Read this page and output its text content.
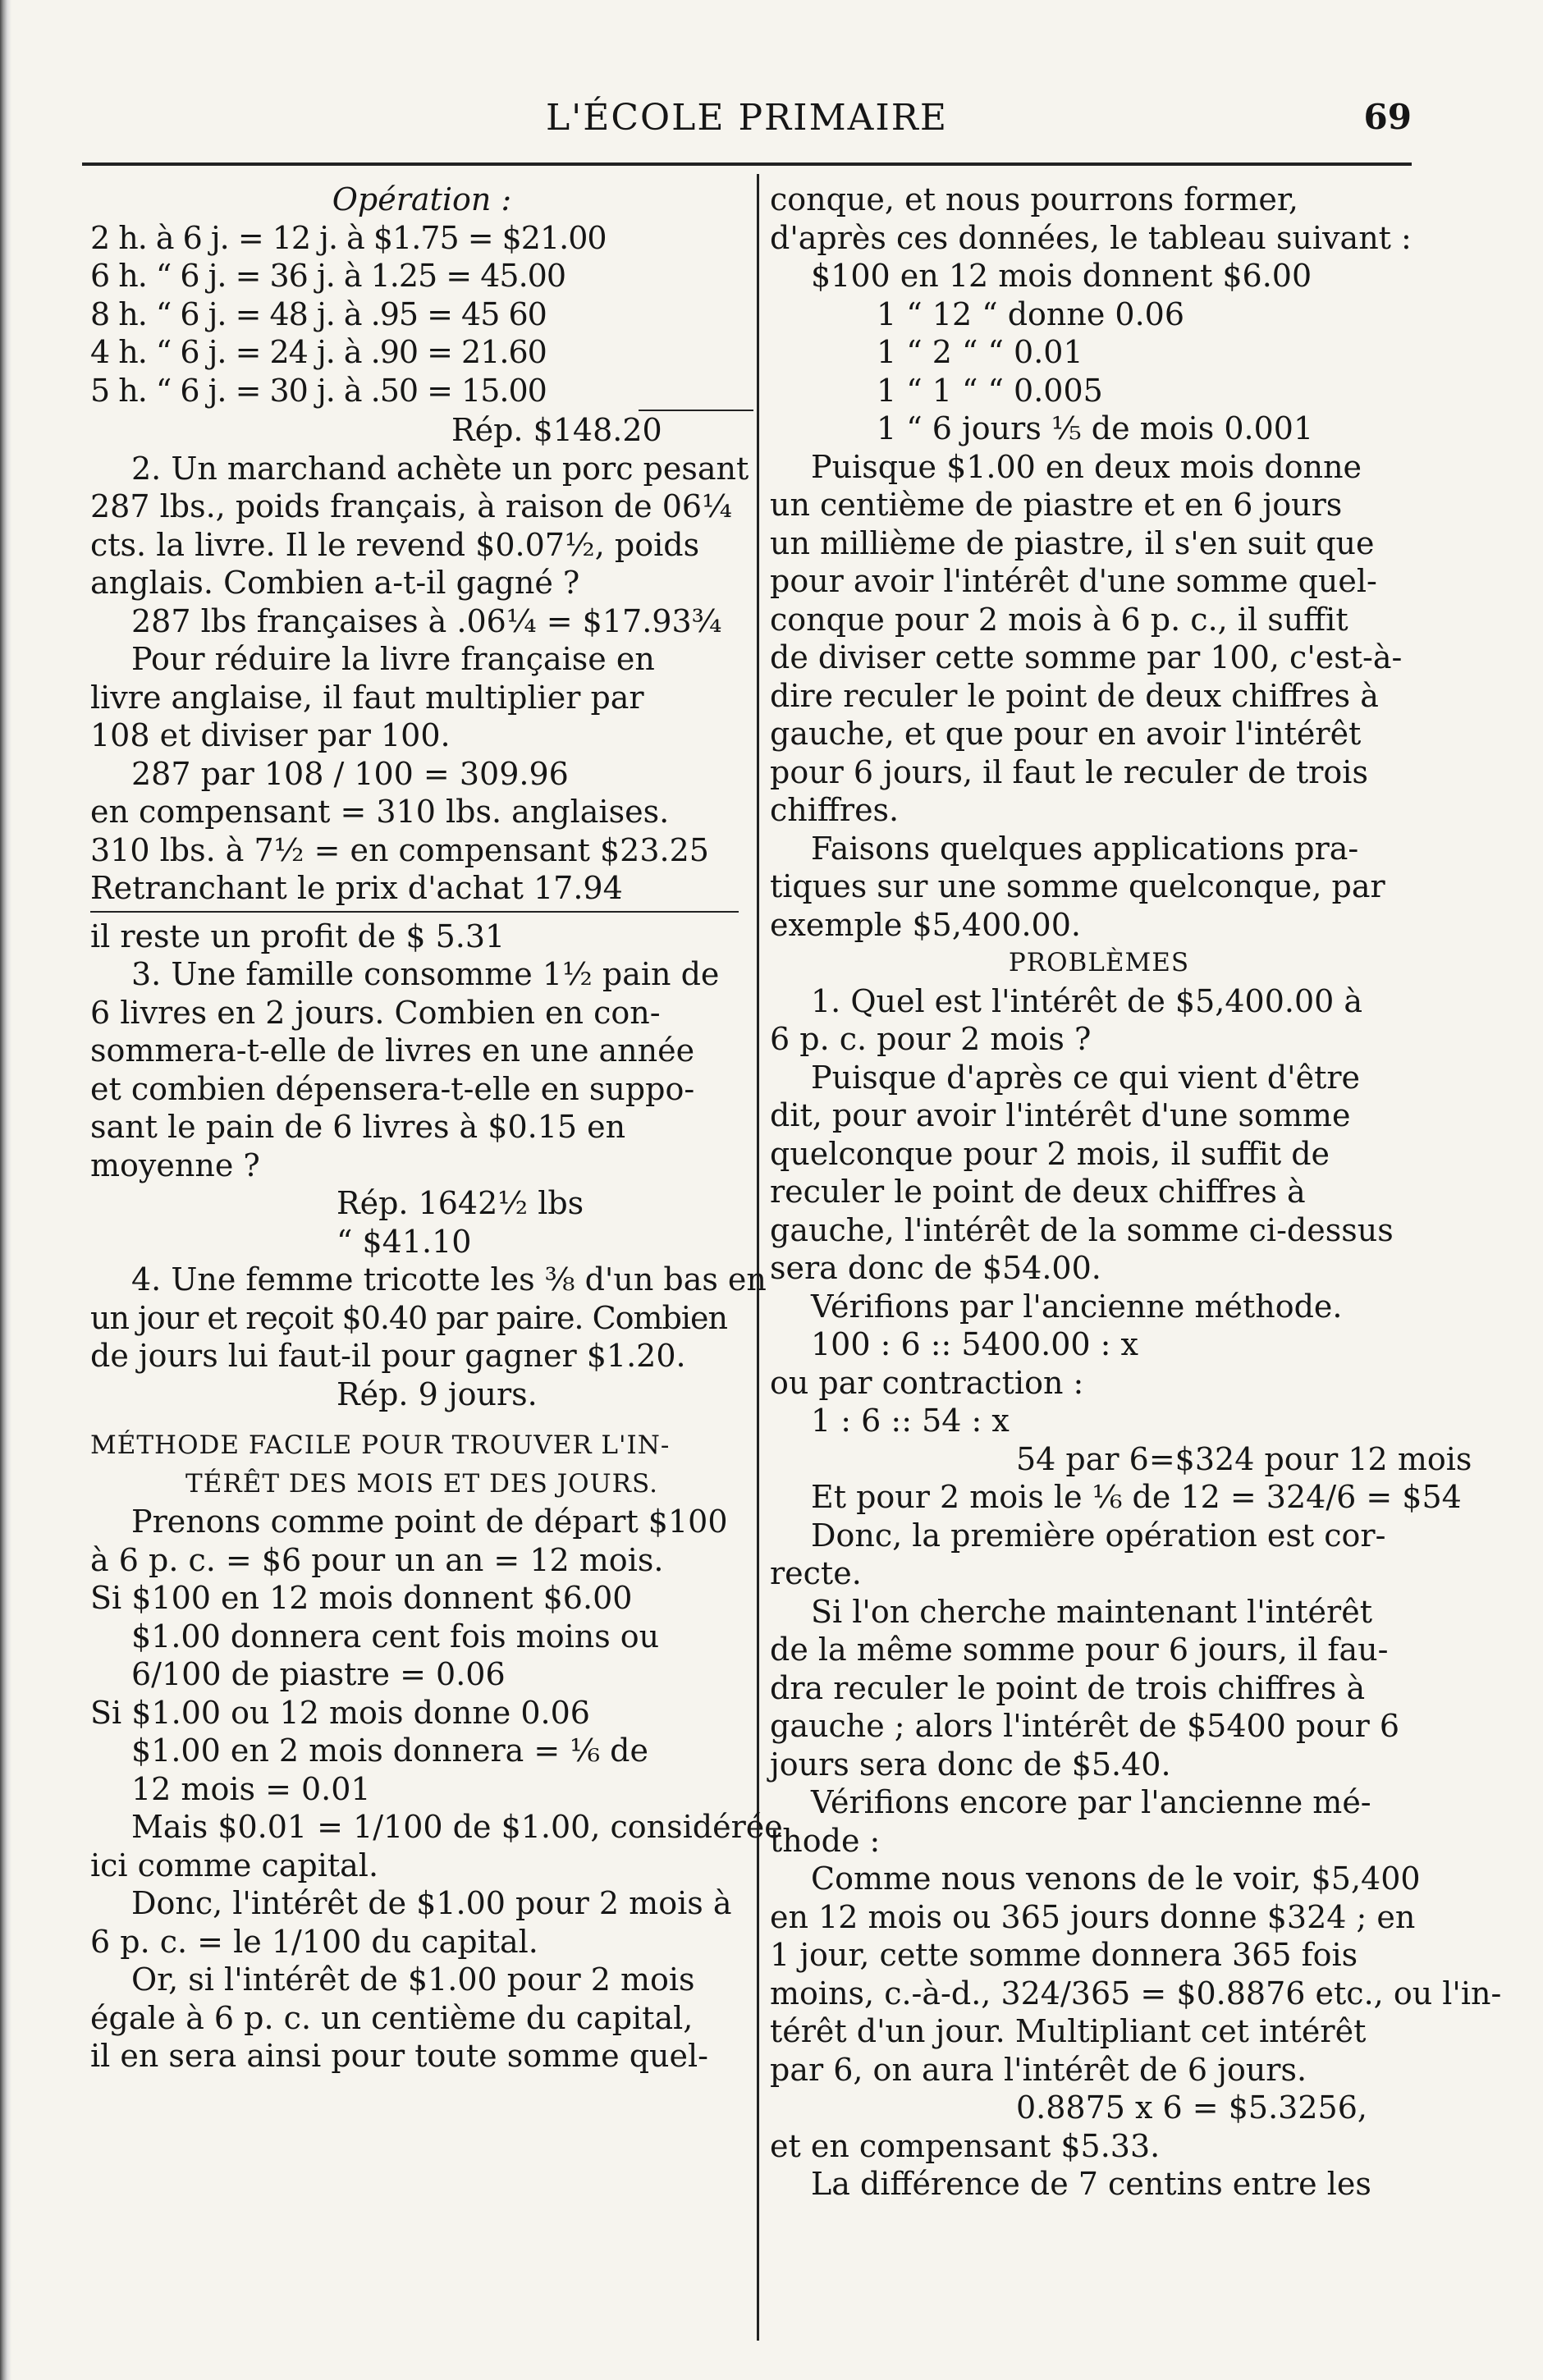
L'ÉCOLE PRIMAIRE	69
Opération :
2 h. à 6 j. = 12 j. à $1.75 = $21.00
6 h. “ 6 j. = 36 j. à 1.25 = 45.00
8 h. “ 6 j. = 48 j. à .95 = 45 60
4 h. “ 6 j. = 24 j. à .90 = 21.60
5 h. “ 6 j. = 30 j. à .50 = 15.00
Rép. $148.20
2. Un marchand achète un porc pesant
287 lbs., poids français, à raison de 06¼
cts. la livre. Il le revend $0.07½, poids
anglais. Combien a-t-il gagné ?
287 lbs françaises à .06¼ = $17.93¾
Pour réduire la livre française en
livre anglaise, il faut multiplier par
108 et diviser par 100.
287 par 108 / 100 = 309.96
en compensant = 310 lbs. anglaises.
310 lbs. à 7½ = en compensant $23.25
Retranchant le prix d'achat 17.94
il reste un profit de $ 5.31
3. Une famille consomme 1½ pain de
6 livres en 2 jours. Combien en con-
sommera-t-elle de livres en une année
et combien dépensera-t-elle en suppo-
sant le pain de 6 livres à $0.15 en
moyenne ?
Rép. 1642½ lbs
“ $41.10
4. Une femme tricotte les ⅜ d'un bas en
un jour et reçoit $0.40 par paire. Combien
de jours lui faut-il pour gagner $1.20.
Rép. 9 jours.
MÉTHODE FACILE POUR TROUVER L'IN-
TÉRÊT DES MOIS ET DES JOURS.
Prenons comme point de départ $100
à 6 p. c. = $6 pour un an = 12 mois.
Si $100 en 12 mois donnent $6.00
$1.00 donnera cent fois moins ou
6/100 de piastre = 0.06
Si $1.00 ou 12 mois donne 0.06
$1.00 en 2 mois donnera = ⅙ de
12 mois = 0.01
Mais $0.01 = 1/100 de $1.00, considérée
ici comme capital.
Donc, l'intérêt de $1.00 pour 2 mois à
6 p. c. = le 1/100 du capital.
Or, si l'intérêt de $1.00 pour 2 mois
égale à 6 p. c. un centième du capital,
il en sera ainsi pour toute somme quel-
conque, et nous pourrons former,
d'après ces données, le tableau suivant :
$100 en 12 mois donnent $6.00
1 “ 12 “ donne 0.06
1 “ 2 “ “ 0.01
1 “ 1 “ “ 0.005
1 “ 6 jours ⅕ de mois 0.001
Puisque $1.00 en deux mois donne
un centième de piastre et en 6 jours
un millième de piastre, il s'en suit que
pour avoir l'intérêt d'une somme quel-
conque pour 2 mois à 6 p. c., il suffit
de diviser cette somme par 100, c'est-à-
dire reculer le point de deux chiffres à
gauche, et que pour en avoir l'intérêt
pour 6 jours, il faut le reculer de trois
chiffres.
Faisons quelques applications pra-
tiques sur une somme quelconque, par
exemple $5,400.00.
PROBLÈMES
1. Quel est l'intérêt de $5,400.00 à
6 p. c. pour 2 mois ?
Puisque d'après ce qui vient d'être
dit, pour avoir l'intérêt d'une somme
quelconque pour 2 mois, il suffit de
reculer le point de deux chiffres à
gauche, l'intérêt de la somme ci-dessus
sera donc de $54.00.
Vérifions par l'ancienne méthode.
100 : 6 :: 5400.00 : x
ou par contraction :
1 : 6 :: 54 : x
54 par 6=$324 pour 12 mois
Et pour 2 mois le ⅙ de 12 = 324/6 = $54
Donc, la première opération est cor-
recte.
Si l'on cherche maintenant l'intérêt
de la même somme pour 6 jours, il fau-
dra reculer le point de trois chiffres à
gauche ; alors l'intérêt de $5400 pour 6
jours sera donc de $5.40.
Vérifions encore par l'ancienne mé-
thode :
Comme nous venons de le voir, $5,400
en 12 mois ou 365 jours donne $324 ; en
1 jour, cette somme donnera 365 fois
moins, c.-à-d., 324/365 = $0.8876 etc., ou l'in-
térêt d'un jour. Multipliant cet intérêt
par 6, on aura l'intérêt de 6 jours.
0.8875 x 6 = $5.3256,
et en compensant $5.33.
La différence de 7 centins entre les
